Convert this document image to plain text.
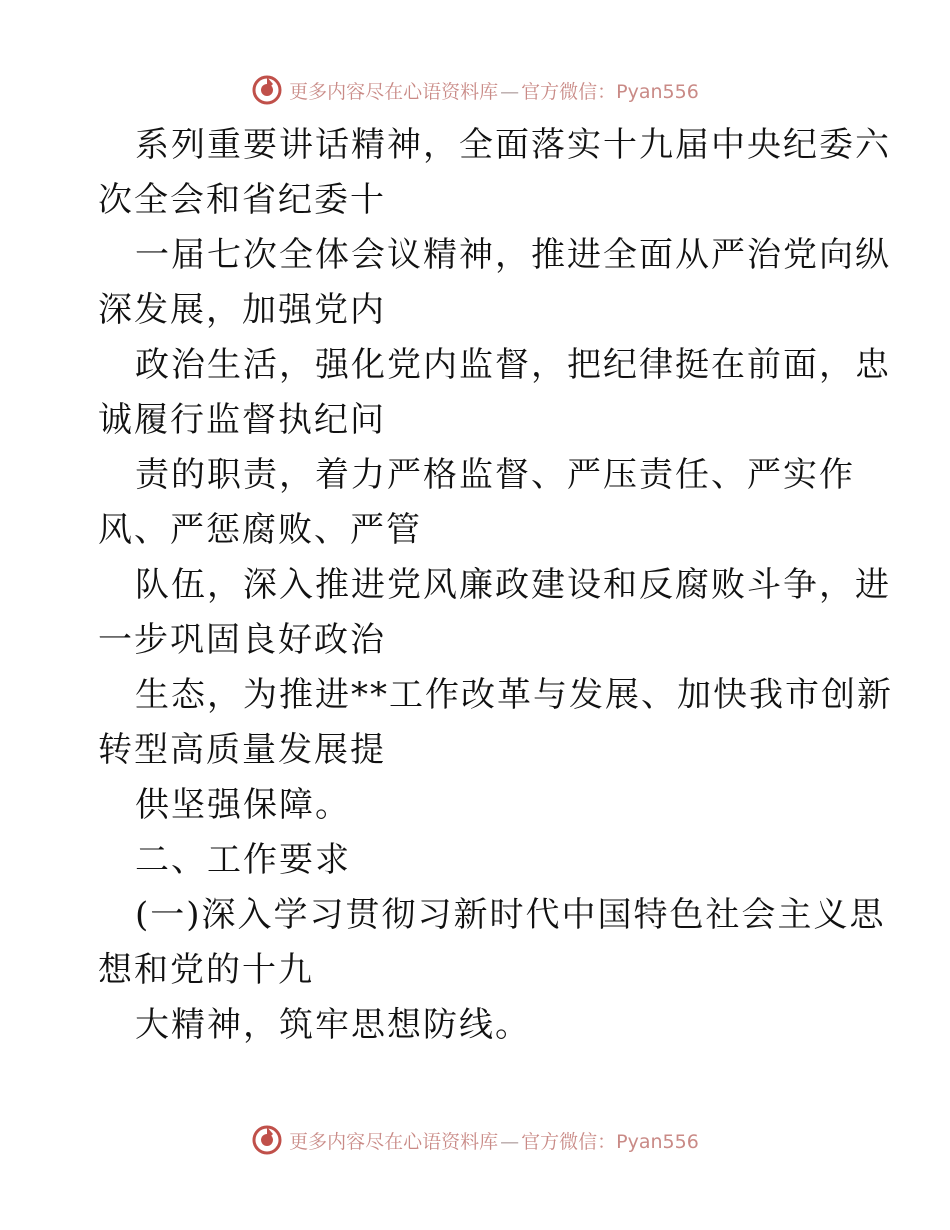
更多内容尽在心语资料库 — 官方微信：Pyan556
系列重要讲话精神，全面落实十九届中央纪委六
次全会和省纪委十
一届七次全体会议精神，推进全面从严治党向纵
深发展，加强党内
政治生活，强化党内监督，把纪律挺在前面，忠
诚履行监督执纪问
责的职责，着力严格监督、严压责任、严实作
风、严惩腐败、严管
队伍，深入推进党风廉政建设和反腐败斗争，进
一步巩固良好政治
生态，为推进**工作改革与发展、加快我市创新
转型高质量发展提
供坚强保障。
二、工作要求
(一)深入学习贯彻习新时代中国特色社会主义思
想和党的十九
大精神，筑牢思想防线。
更多内容尽在心语资料库 — 官方微信：Pyan556
